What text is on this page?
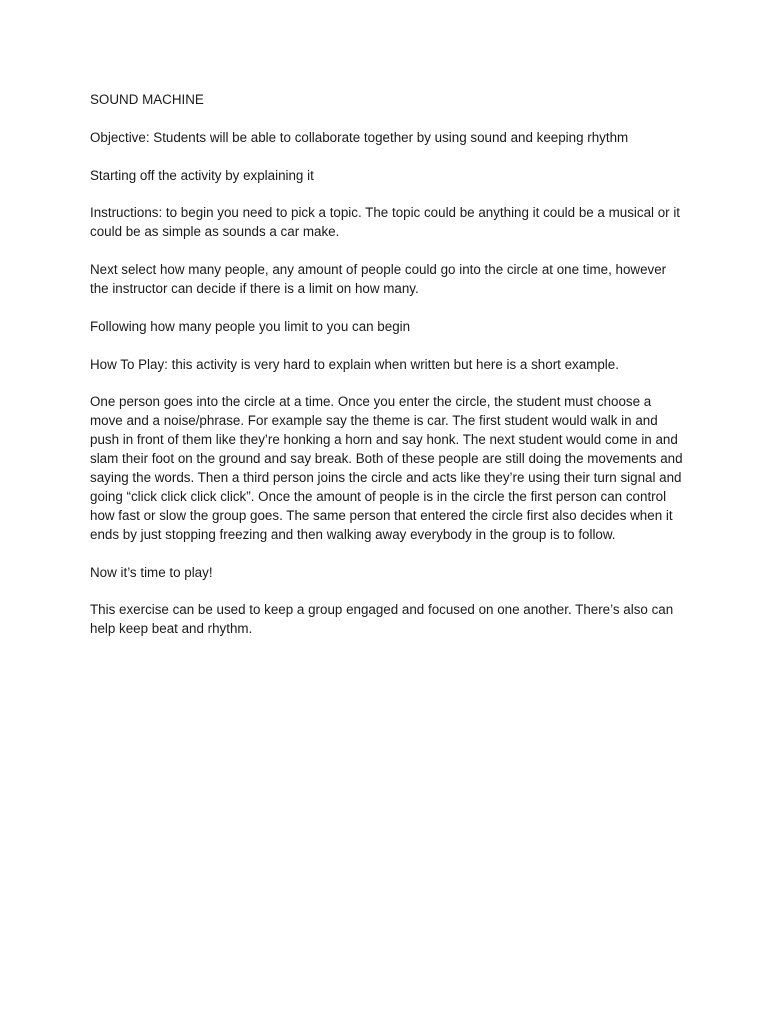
SOUND MACHINE

Objective: Students will be able to collaborate together by using sound and keeping rhythm

Starting off the activity by explaining it

Instructions: to begin you need to pick a topic. The topic could be anything it could be a musical or it could be as simple as sounds a car make.

Next select how many people, any amount of people could go into the circle at one time, however the instructor can decide if there is a limit on how many.

Following how many people you limit to you can begin

How To Play: this activity is very hard to explain when written but here is a short example.

One person goes into the circle at a time. Once you enter the circle, the student must choose a move and a noise/phrase. For example say the theme is car. The first student would walk in and push in front of them like they’re honking a horn and say honk. The next student would come in and slam their foot on the ground and say break. Both of these people are still doing the movements and saying the words. Then a third person joins the circle and acts like they’re using their turn signal and going “click click click click”. Once the amount of people is in the circle the first person can control how fast or slow the group goes. The same person that entered the circle first also decides when it ends by just stopping freezing and then walking away everybody in the group is to follow.

Now it’s time to play!

This exercise can be used to keep a group engaged and focused on one another. There’s also can help keep beat and rhythm.
